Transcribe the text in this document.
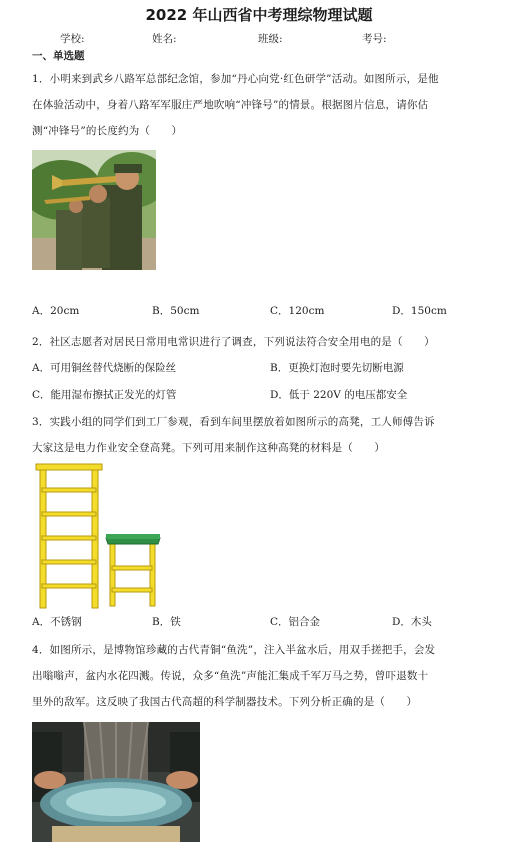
2022 年山西省中考理综物理试题
学校:	姓名:	班级:	考号:
一、单选题
1．小明来到武乡八路军总部纪念馆，参加“丹心向党·红色研学”活动。如图所示，是他
在体验活动中，身着八路军军服庄严地吹响“冲锋号”的情景。根据图片信息，请你估
测“冲锋号”的长度约为（　　）
A．20cm	B．50cm	C．120cm	D．150cm
2．社区志愿者对居民日常用电常识进行了调查，下列说法符合安全用电的是（　　）
A．可用铜丝替代烧断的保险丝	B．更换灯泡时要先切断电源
C．能用湿布擦拭正发光的灯管	D．低于 220V 的电压都安全
3．实践小组的同学们到工厂参观，看到车间里摆放着如图所示的高凳，工人师傅告诉
大家这是电力作业安全登高凳。下列可用来制作这种高凳的材料是（　　）
A．不锈钢	B．铁	C．铝合金	D．木头
4．如图所示，是博物馆珍藏的古代青铜“鱼洗”，注入半盆水后，用双手搓把手，会发
出嗡嗡声，盆内水花四溅。传说，众多“鱼洗”声能汇集成千军万马之势，曾吓退数十
里外的敌军。这反映了我国古代高超的科学制器技术。下列分析正确的是（　　）
